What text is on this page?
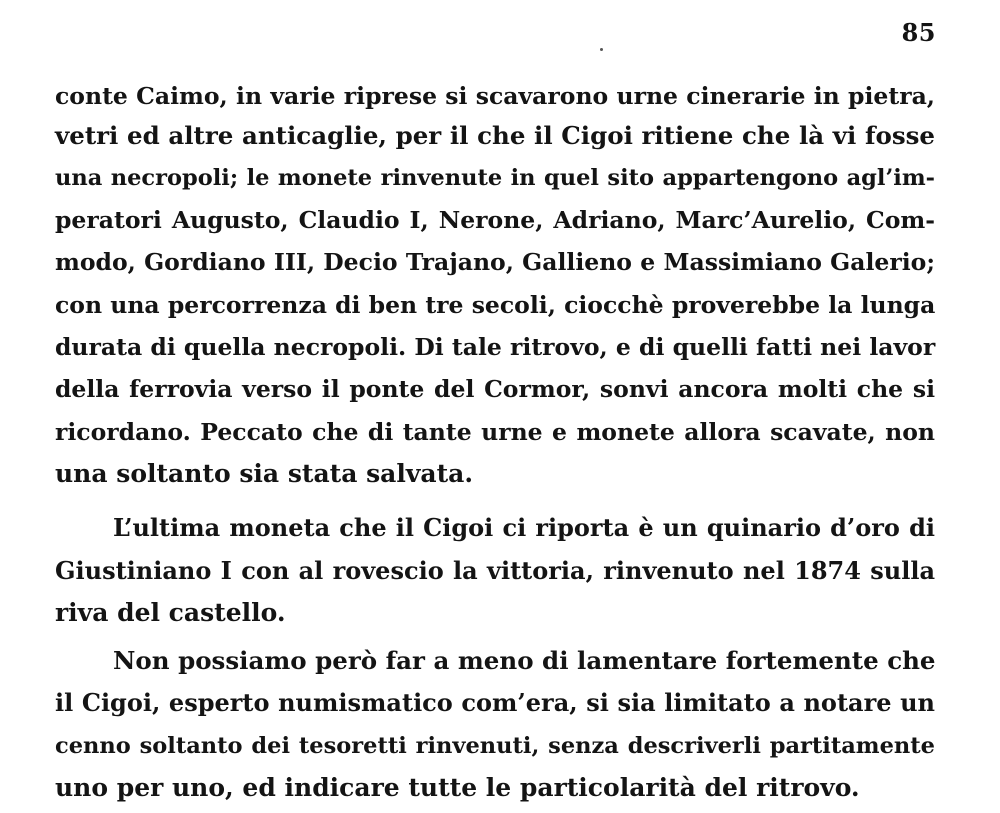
85
conte Caimo, in varie riprese si scavarono urne cinerarie in pietra,
vetri ed altre anticaglie, per il che il Cigoi ritiene che là vi fosse
una necropoli; le monete rinvenute in quel sito appartengono agl’im-
peratori Augusto, Claudio I, Nerone, Adriano, Marc’Aurelio, Com-
modo, Gordiano III, Decio Trajano, Gallieno e Massimiano Galerio;
con una percorrenza di ben tre secoli, ciocchè proverebbe la lunga
durata di quella necropoli. Di tale ritrovo, e di quelli fatti nei lavor
della ferrovia verso il ponte del Cormor, sonvi ancora molti che si
ricordano. Peccato che di tante urne e monete allora scavate, non
una soltanto sia stata salvata.
L’ultima moneta che il Cigoi ci riporta è un quinario d’oro di
Giustiniano I con al rovescio la vittoria, rinvenuto nel 1874 sulla
riva del castello.
Non possiamo però far a meno di lamentare fortemente che
il Cigoi, esperto numismatico com’era, si sia limitato a notare un
cenno soltanto dei tesoretti rinvenuti, senza descriverli partitamente
uno per uno, ed indicare tutte le particolarità del ritrovo.
